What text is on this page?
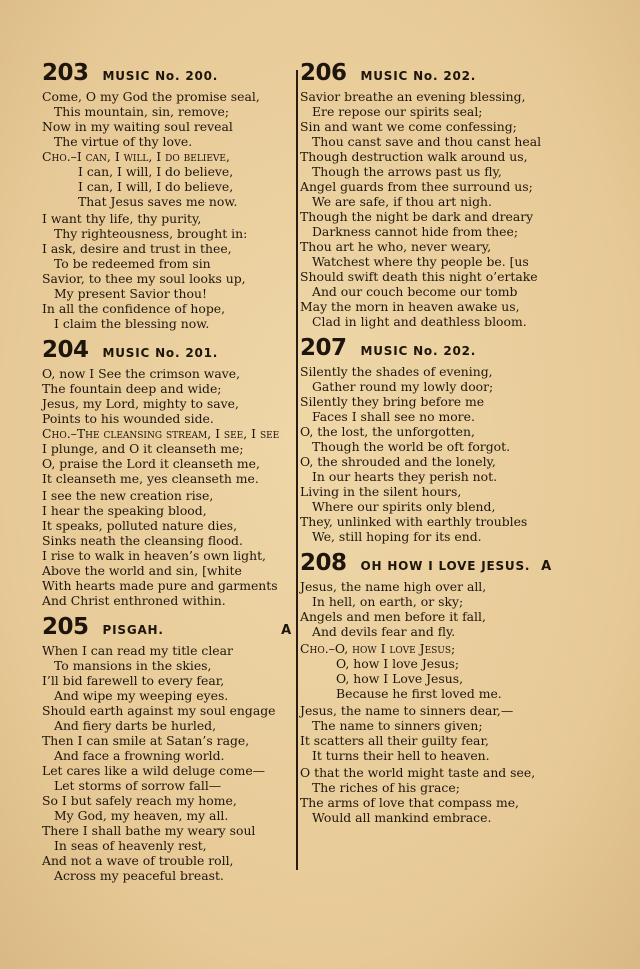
203 MUSIC No. 200.
Come, O my God the promise seal,
This mountain, sin, remove;
Now in my waiting soul reveal
The virtue of thy love.
Cho.–I can, I will, I do believe,
I can, I will, I do believe,
I can, I will, I do believe,
That Jesus saves me now.
I want thy life, thy purity,
Thy righteousness, brought in:
I ask, desire and trust in thee,
To be redeemed from sin
Savior, to thee my soul looks up,
My present Savior thou!
In all the confidence of hope,
I claim the blessing now.
204 MUSIC No. 201.
O, now I See the crimson wave,
The fountain deep and wide;
Jesus, my Lord, mighty to save,
Points to his wounded side.
Cho.–The cleansing stream, I see, I see
I plunge, and O it cleanseth me;
O, praise the Lord it cleanseth me,
It cleanseth me, yes cleanseth me.
I see the new creation rise,
I hear the speaking blood,
It speaks, polluted nature dies,
Sinks neath the cleansing flood.
I rise to walk in heaven’s own light,
Above the world and sin, [white
With hearts made pure and garments
And Christ enthroned within.
205 PISGAH.	A
When I can read my title clear
To mansions in the skies,
I’ll bid farewell to every fear,
And wipe my weeping eyes.
Should earth against my soul engage
And fiery darts be hurled,
Then I can smile at Satan’s rage,
And face a frowning world.
Let cares like a wild deluge come—
Let storms of sorrow fall—
So I but safely reach my home,
My God, my heaven, my all.
There I shall bathe my weary soul
In seas of heavenly rest,
And not a wave of trouble roll,
Across my peaceful breast.
206 MUSIC No. 202.
Savior breathe an evening blessing,
Ere repose our spirits seal;
Sin and want we come confessing;
Thou canst save and thou canst heal
Though destruction walk around us,
Though the arrows past us fly,
Angel guards from thee surround us;
We are safe, if thou art nigh.
Though the night be dark and dreary
Darkness cannot hide from thee;
Thou art he who, never weary,
Watchest where thy people be. [us
Should swift death this night o’ertake
And our couch become our tomb
May the morn in heaven awake us,
Clad in light and deathless bloom.
207 MUSIC No. 202.
Silently the shades of evening,
Gather round my lowly door;
Silently they bring before me
Faces I shall see no more.
O, the lost, the unforgotten,
Though the world be oft forgot.
O, the shrouded and the lonely,
In our hearts they perish not.
Living in the silent hours,
Where our spirits only blend,
They, unlinked with earthly troubles
We, still hoping for its end.
208 OH HOW I LOVE JESUS. A
Jesus, the name high over all,
In hell, on earth, or sky;
Angels and men before it fall,
And devils fear and fly.
Cho.–O, how I love Jesus;
O, how I love Jesus;
O, how I Love Jesus,
Because he first loved me.
Jesus, the name to sinners dear,—
The name to sinners given;
It scatters all their guilty fear,
It turns their hell to heaven.
O that the world might taste and see,
The riches of his grace;
The arms of love that compass me,
Would all mankind embrace.
